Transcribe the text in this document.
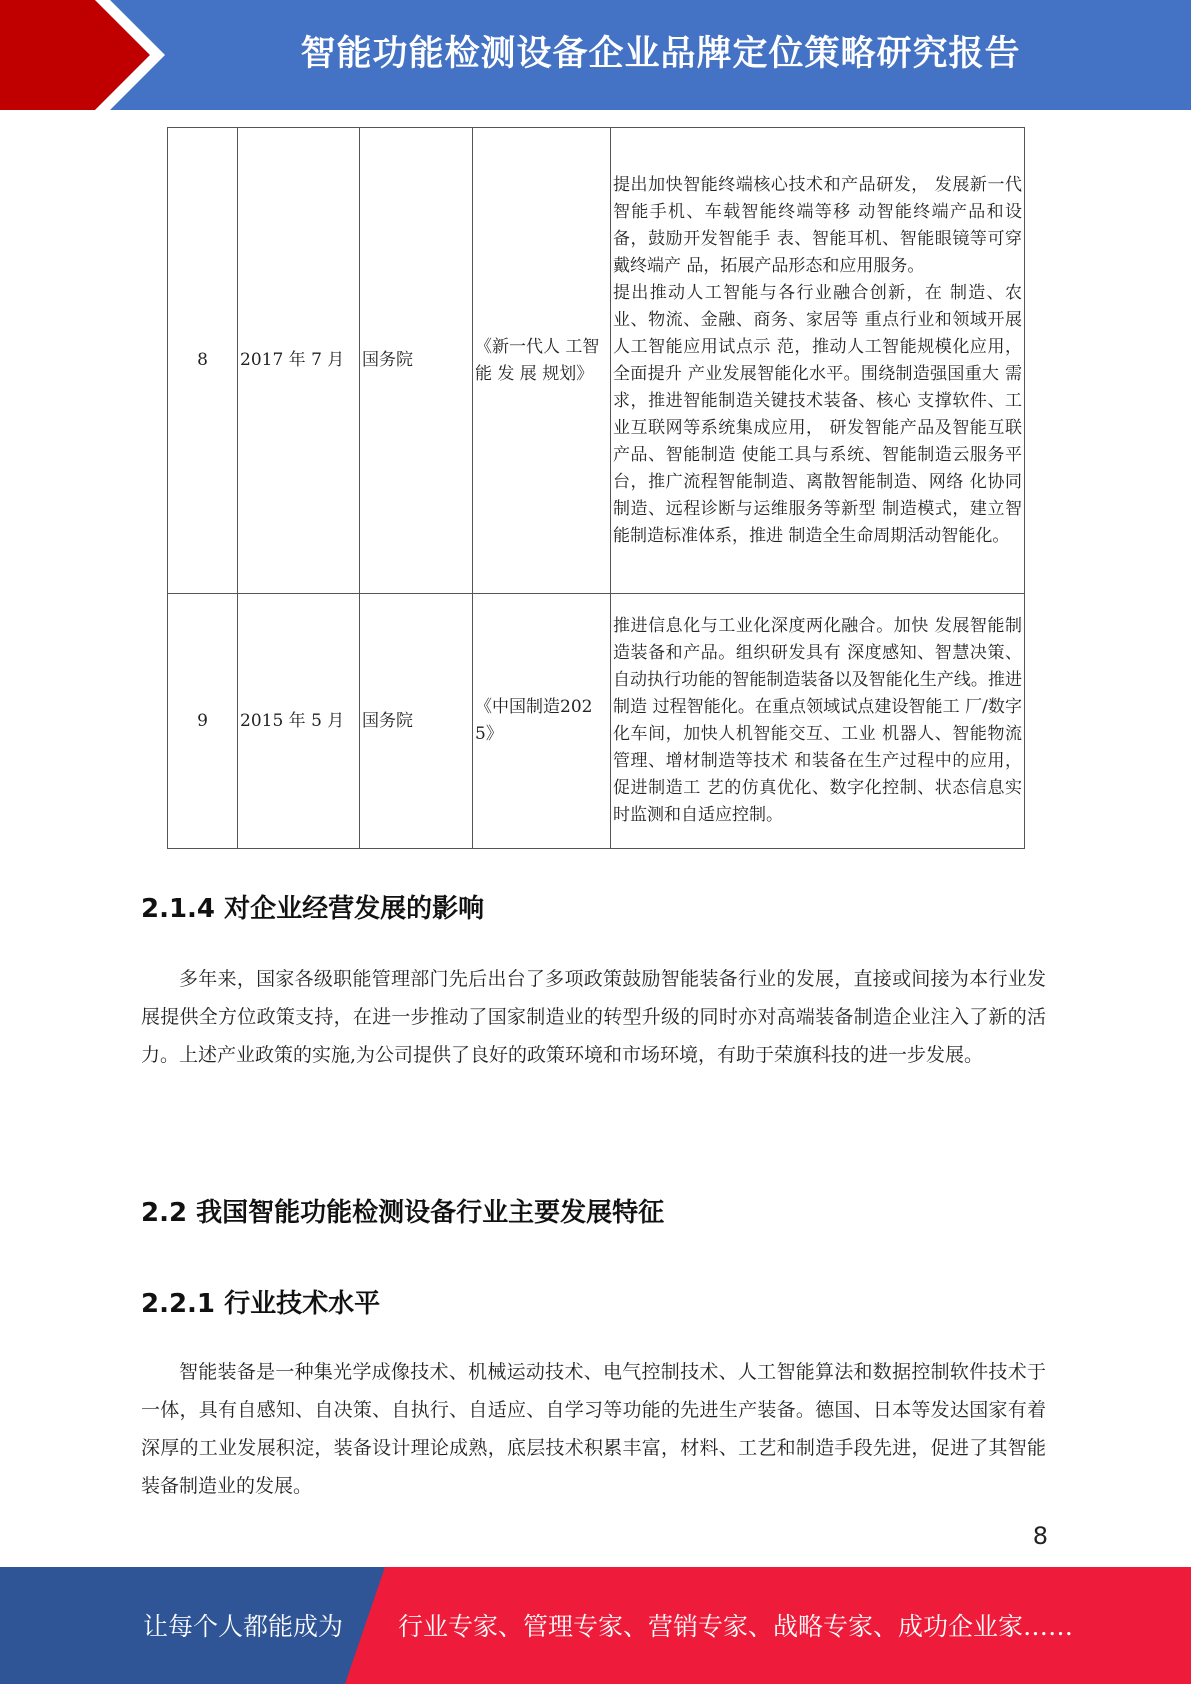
智能功能检测设备企业品牌定位策略研究报告
8	2017 年 7 月	国务院	《新一代人 工智 能 发 展 规划》	提出加快智能终端核心技术和产品研发， 发展新一代智能手机、车载智能终端等移 动智能终端产品和设备，鼓励开发智能手 表、智能耳机、智能眼镜等可穿戴终端产 品，拓展产品形态和应用服务。
提出推动人工智能与各行业融合创新，在 制造、农业、物流、金融、商务、家居等 重点行业和领域开展人工智能应用试点示 范，推动人工智能规模化应用，全面提升 产业发展智能化水平。围绕制造强国重大 需求，推进智能制造关键技术装备、核心 支撑软件、工业互联网等系统集成应用， 研发智能产品及智能互联产品、智能制造 使能工具与系统、智能制造云服务平台，推广流程智能制造、离散智能制造、网络 化协同制造、远程诊断与运维服务等新型 制造模式，建立智能制造标准体系，推进 制造全生命周期活动智能化。
9	2015 年 5 月	国务院	《中国制造2025》	推进信息化与工业化深度两化融合。加快 发展智能制造装备和产品。组织研发具有 深度感知、智慧决策、自动执行功能的智能制造装备以及智能化生产线。推进制造 过程智能化。在重点领域试点建设智能工 厂/数字化车间，加快人机智能交互、工业 机器人、智能物流管理、增材制造等技术 和装备在生产过程中的应用，促进制造工 艺的仿真优化、数字化控制、状态信息实时监测和自适应控制。
2.1.4 对企业经营发展的影响
多年来，国家各级职能管理部门先后出台了多项政策鼓励智能装备行业的发展，直接或间接为本行业发展提供全方位政策支持，在进一步推动了国家制造业的转型升级的同时亦对高端装备制造企业注入了新的活力。上述产业政策的实施,为公司提供了良好的政策环境和市场环境，有助于荣旗科技的进一步发展。
2.2 我国智能功能检测设备行业主要发展特征
2.2.1 行业技术水平
智能装备是一种集光学成像技术、机械运动技术、电气控制技术、人工智能算法和数据控制软件技术于一体，具有自感知、自决策、自执行、自适应、自学习等功能的先进生产装备。德国、日本等发达国家有着深厚的工业发展积淀，装备设计理论成熟，底层技术积累丰富，材料、工艺和制造手段先进，促进了其智能装备制造业的发展。
8
让每个人都能成为 行业专家、管理专家、营销专家、战略专家、成功企业家……
